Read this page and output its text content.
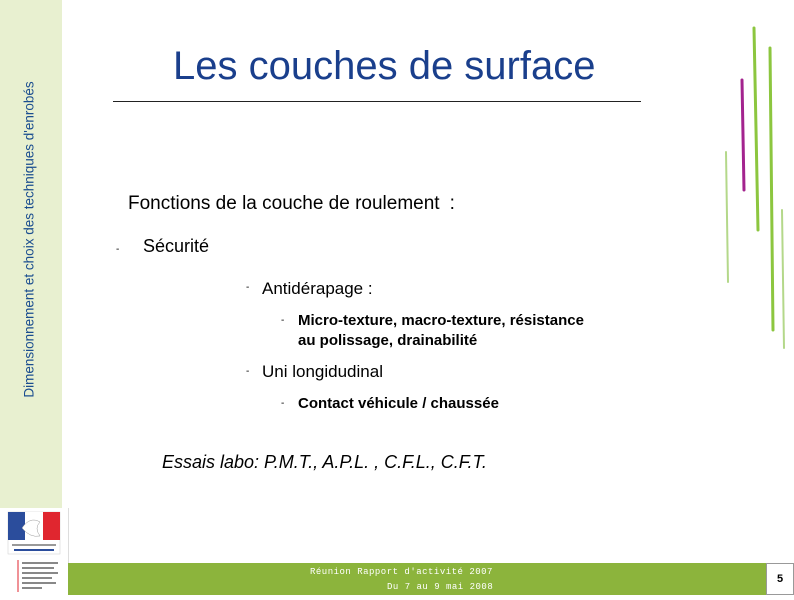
Dimensionnement et choix des techniques d'enrobés
Les couches de surface
Fonctions de la couche de roulement :
- Sécurité
- Antidérapage :
- Micro-texture, macro-texture, résistance
au polissage, drainabilité
- Uni longidudinal
- Contact véhicule / chaussée
Essais labo: P.M.T., A.P.L. , C.F.L., C.F.T.
Réunion Rapport d'activité 2007
Du 7 au 9 mai 2008
5
